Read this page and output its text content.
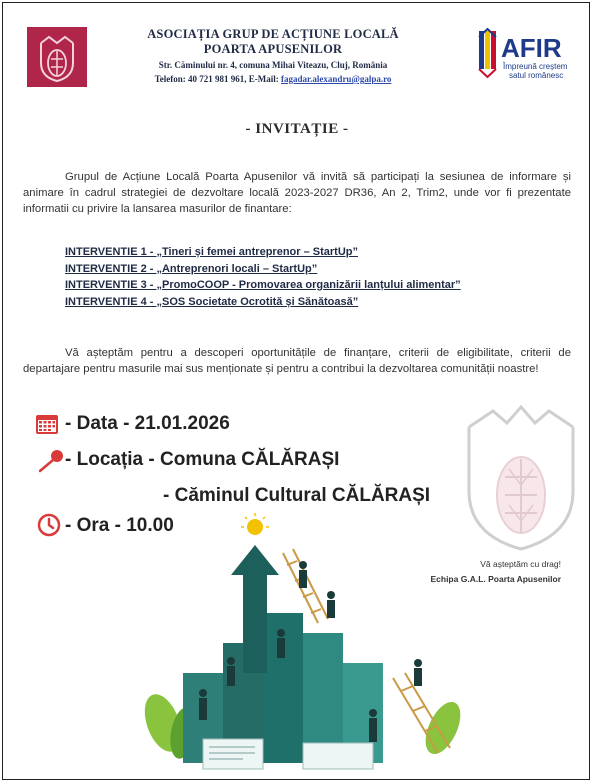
ASOCIAȚIA GRUP DE ACȚIUNE LOCALĂ
POARTA APUSENILOR
Str. Căminului nr. 4, comuna Mihai Viteazu, Cluj, România
Telefon: 40 721 981 961, E-Mail: fagadar.alexandru@galpa.ro
AFIR
Împreună creștem
satul românesc
- INVITAȚIE -
Grupul de Acțiune Locală Poarta Apusenilor vă invită să participați la sesiunea de informare și animare în cadrul strategiei de dezvoltare locală 2023-2027 DR36, An 2, Trim2, unde vor fi prezentate informatii cu privire la lansarea masurilor de finantare:
INTERVENTIE 1 - „Tineri și femei antreprenor – StartUp”
INTERVENTIE 2 - „Antreprenori locali – StartUp”
INTERVENTIE 3 - „PromoCOOP - Promovarea organizării lanțului alimentar”
INTERVENTIE 4 - „SOS Societate Ocrotită și Sănătoasă”
Vă așteptăm pentru a descoperi oportunitățile de finanțare, criterii de eligibilitate, criterii de departajare pentru masurile mai sus menționate și pentru a contribui la dezvoltarea comunității noastre!
- Data - 21.01.2026
- Locația - Comuna CĂLĂRAȘI
- Căminul Cultural CĂLĂRAȘI
- Ora - 10.00
Vă așteptăm cu drag!
Echipa G.A.L. Poarta Apusenilor
